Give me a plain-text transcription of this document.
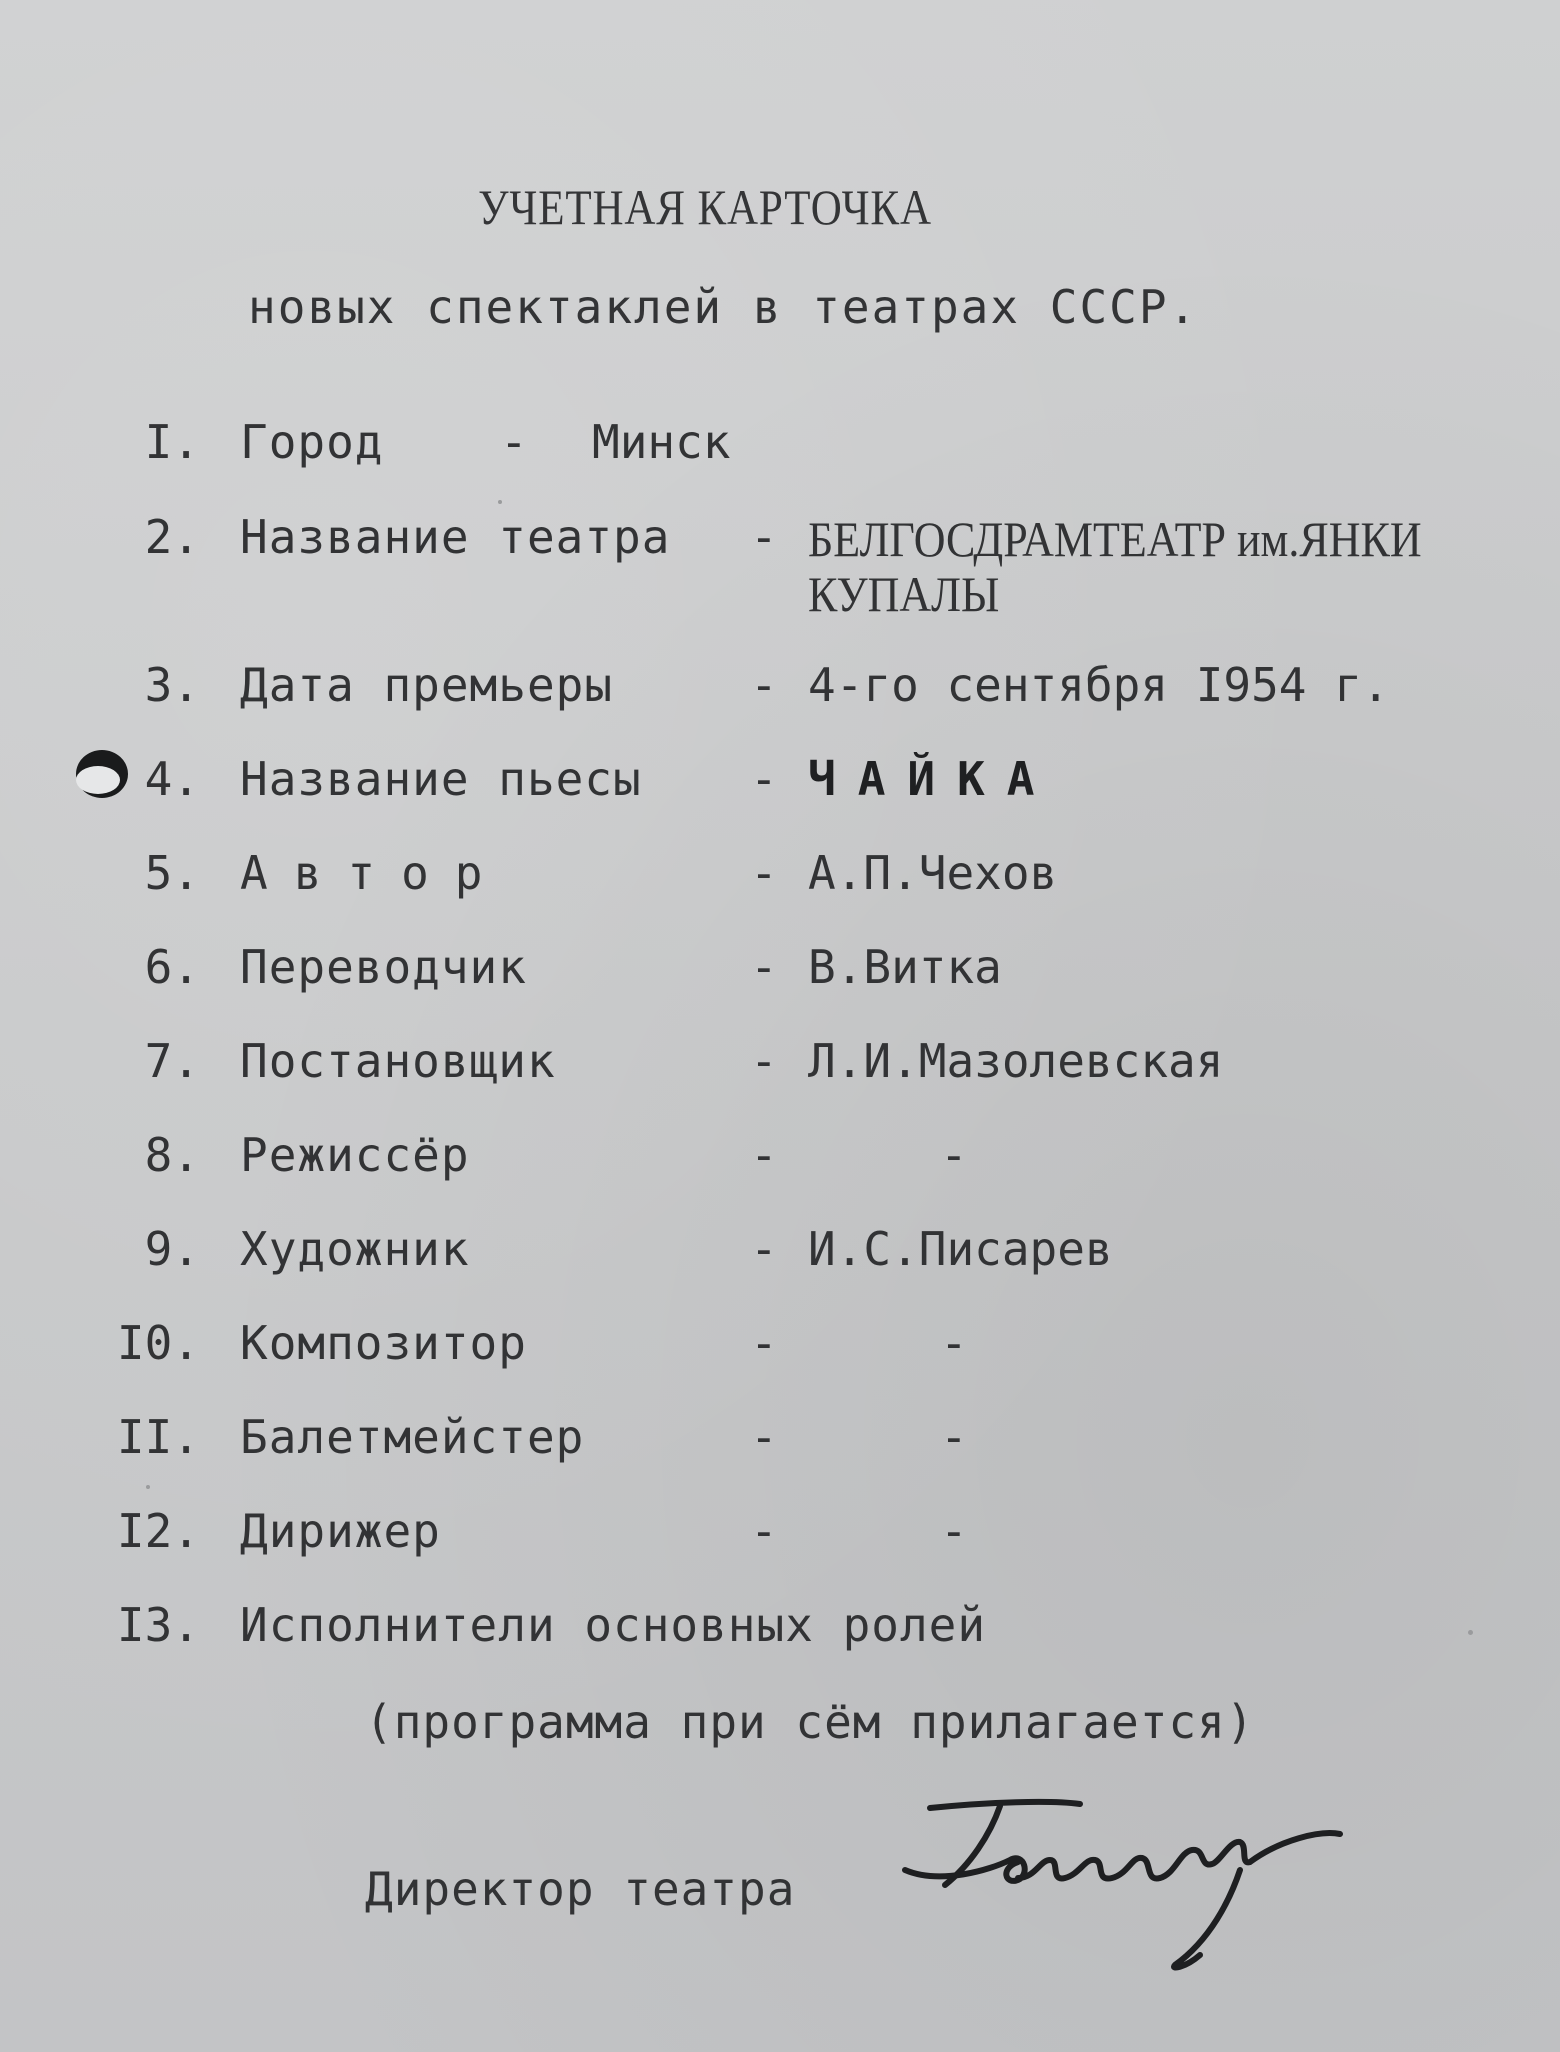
УЧЕТНАЯ КАРТОЧКА
новых спектаклей в театрах СССР.
I. Город	- Минск
2. Название театра - БЕЛГОСДРАМТЕАТР им.ЯНКИ
КУПАЛЫ
3. Дата премьеры	- 4-го сентября I954 г.
4. Название пьесы - ЧАЙКА
5. Автор	- А.П.Чехов
6. Переводчик	- В.Витка
7. Постановщик	- Л.И.Мазолевская
8. Режиссёр	-	-
9. Художник	- И.С.Писарев
I0. Композитор	-	-
II. Балетмейстер	-	-
I2. Дирижер	-	-
I3. Исполнители основных ролей
(программа при сём прилагается)
Директор театра
